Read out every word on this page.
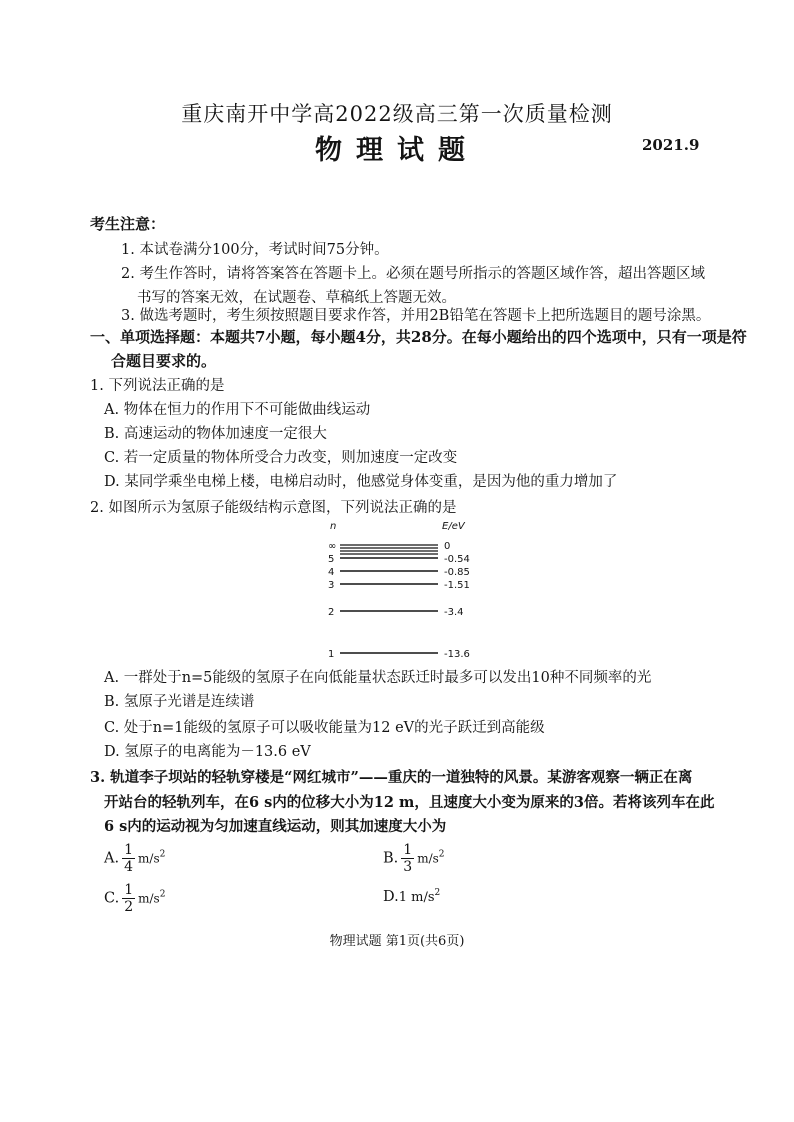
重庆南开中学高2022级高三第一次质量检测
物理试题	2021.9
考生注意：
1. 本试卷满分100分，考试时间75分钟。
2. 考生作答时，请将答案答在答题卡上。必须在题号所指示的答题区域作答，超出答题区域
书写的答案无效，在试题卷、草稿纸上答题无效。
3. 做选考题时，考生须按照题目要求作答，并用2B铅笔在答题卡上把所选题目的题号涂黑。
一、单项选择题：本题共7小题，每小题4分，共28分。在每小题给出的四个选项中，只有一项是符
合题目要求的。
1. 下列说法正确的是
A. 物体在恒力的作用下不可能做曲线运动
B. 高速运动的物体加速度一定很大
C. 若一定质量的物体所受合力改变，则加速度一定改变
D. 某同学乘坐电梯上楼，电梯启动时，他感觉身体变重，是因为他的重力增加了
2. 如图所示为氢原子能级结构示意图，下列说法正确的是
n	E/eV
∞	0
5	-0.54
4	-0.85
3	-1.51
2	-3.4
1	-13.6
A. 一群处于n=5能级的氢原子在向低能量状态跃迁时最多可以发出10种不同频率的光
B. 氢原子光谱是连续谱
C. 处于n=1能级的氢原子可以吸收能量为12 eV的光子跃迁到高能级
D. 氢原子的电离能为－13.6 eV
3. 轨道李子坝站的轻轨穿楼是“网红城市”——重庆的一道独特的风景。某游客观察一辆正在离
开站台的轻轨列车，在6 s内的位移大小为12 m，且速度大小变为原来的3倍。若将该列车在此
6 s内的运动视为匀加速直线运动，则其加速度大小为
A. $\frac{1}{4} m/s^2$	B. $\frac{1}{3} m/s^2$
C. $\frac{1}{2} m/s^2$	D.1 $m/s^2$
物理试题 第1页(共6页)
